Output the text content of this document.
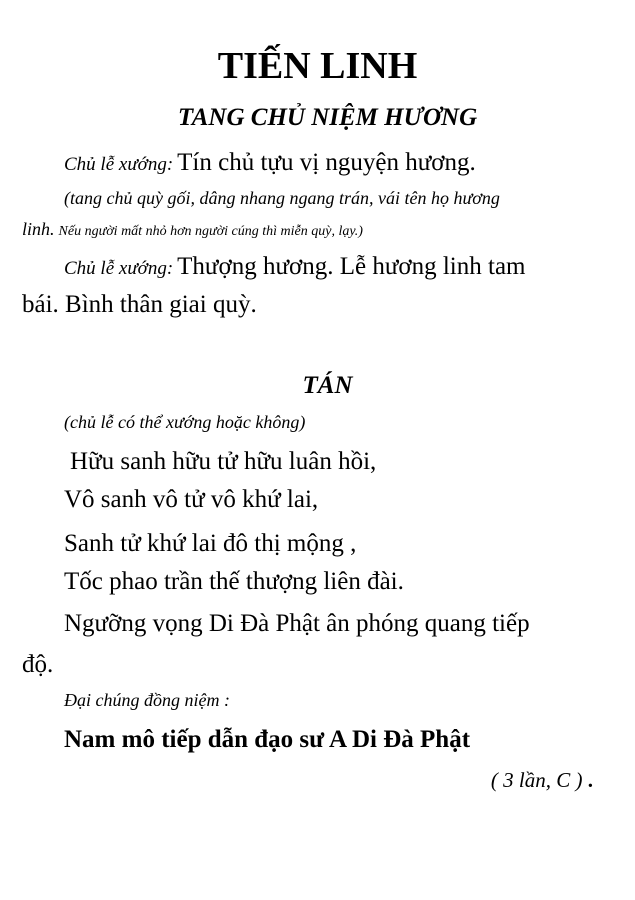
TIẾN LINH
TANG CHỦ NIỆM HƯƠNG
Chủ lễ xướng: Tín chủ tựu vị nguyện hương.
(tang chủ quỳ gối, dâng nhang ngang trán, vái tên họ hương
linh. Nếu người mất nhỏ hơn người cúng thì miễn quỳ, lạy.)
Chủ lễ xướng: Thượng hương. Lễ hương linh tam
bái. Bình thân giai quỳ.
TÁN
(chủ lễ có thể xướng hoặc không)
Hữu sanh hữu tử hữu luân hồi,
Vô sanh vô tử vô khứ lai,
Sanh tử khứ lai đô thị mộng ,
Tốc phao trần thế thượng liên đài.
Ngưỡng vọng Di Đà Phật ân phóng quang tiếp
độ.
Đại chúng đồng niệm :
Nam mô tiếp dẫn đạo sư A Di Đà Phật
( 3 lần, C ) .
